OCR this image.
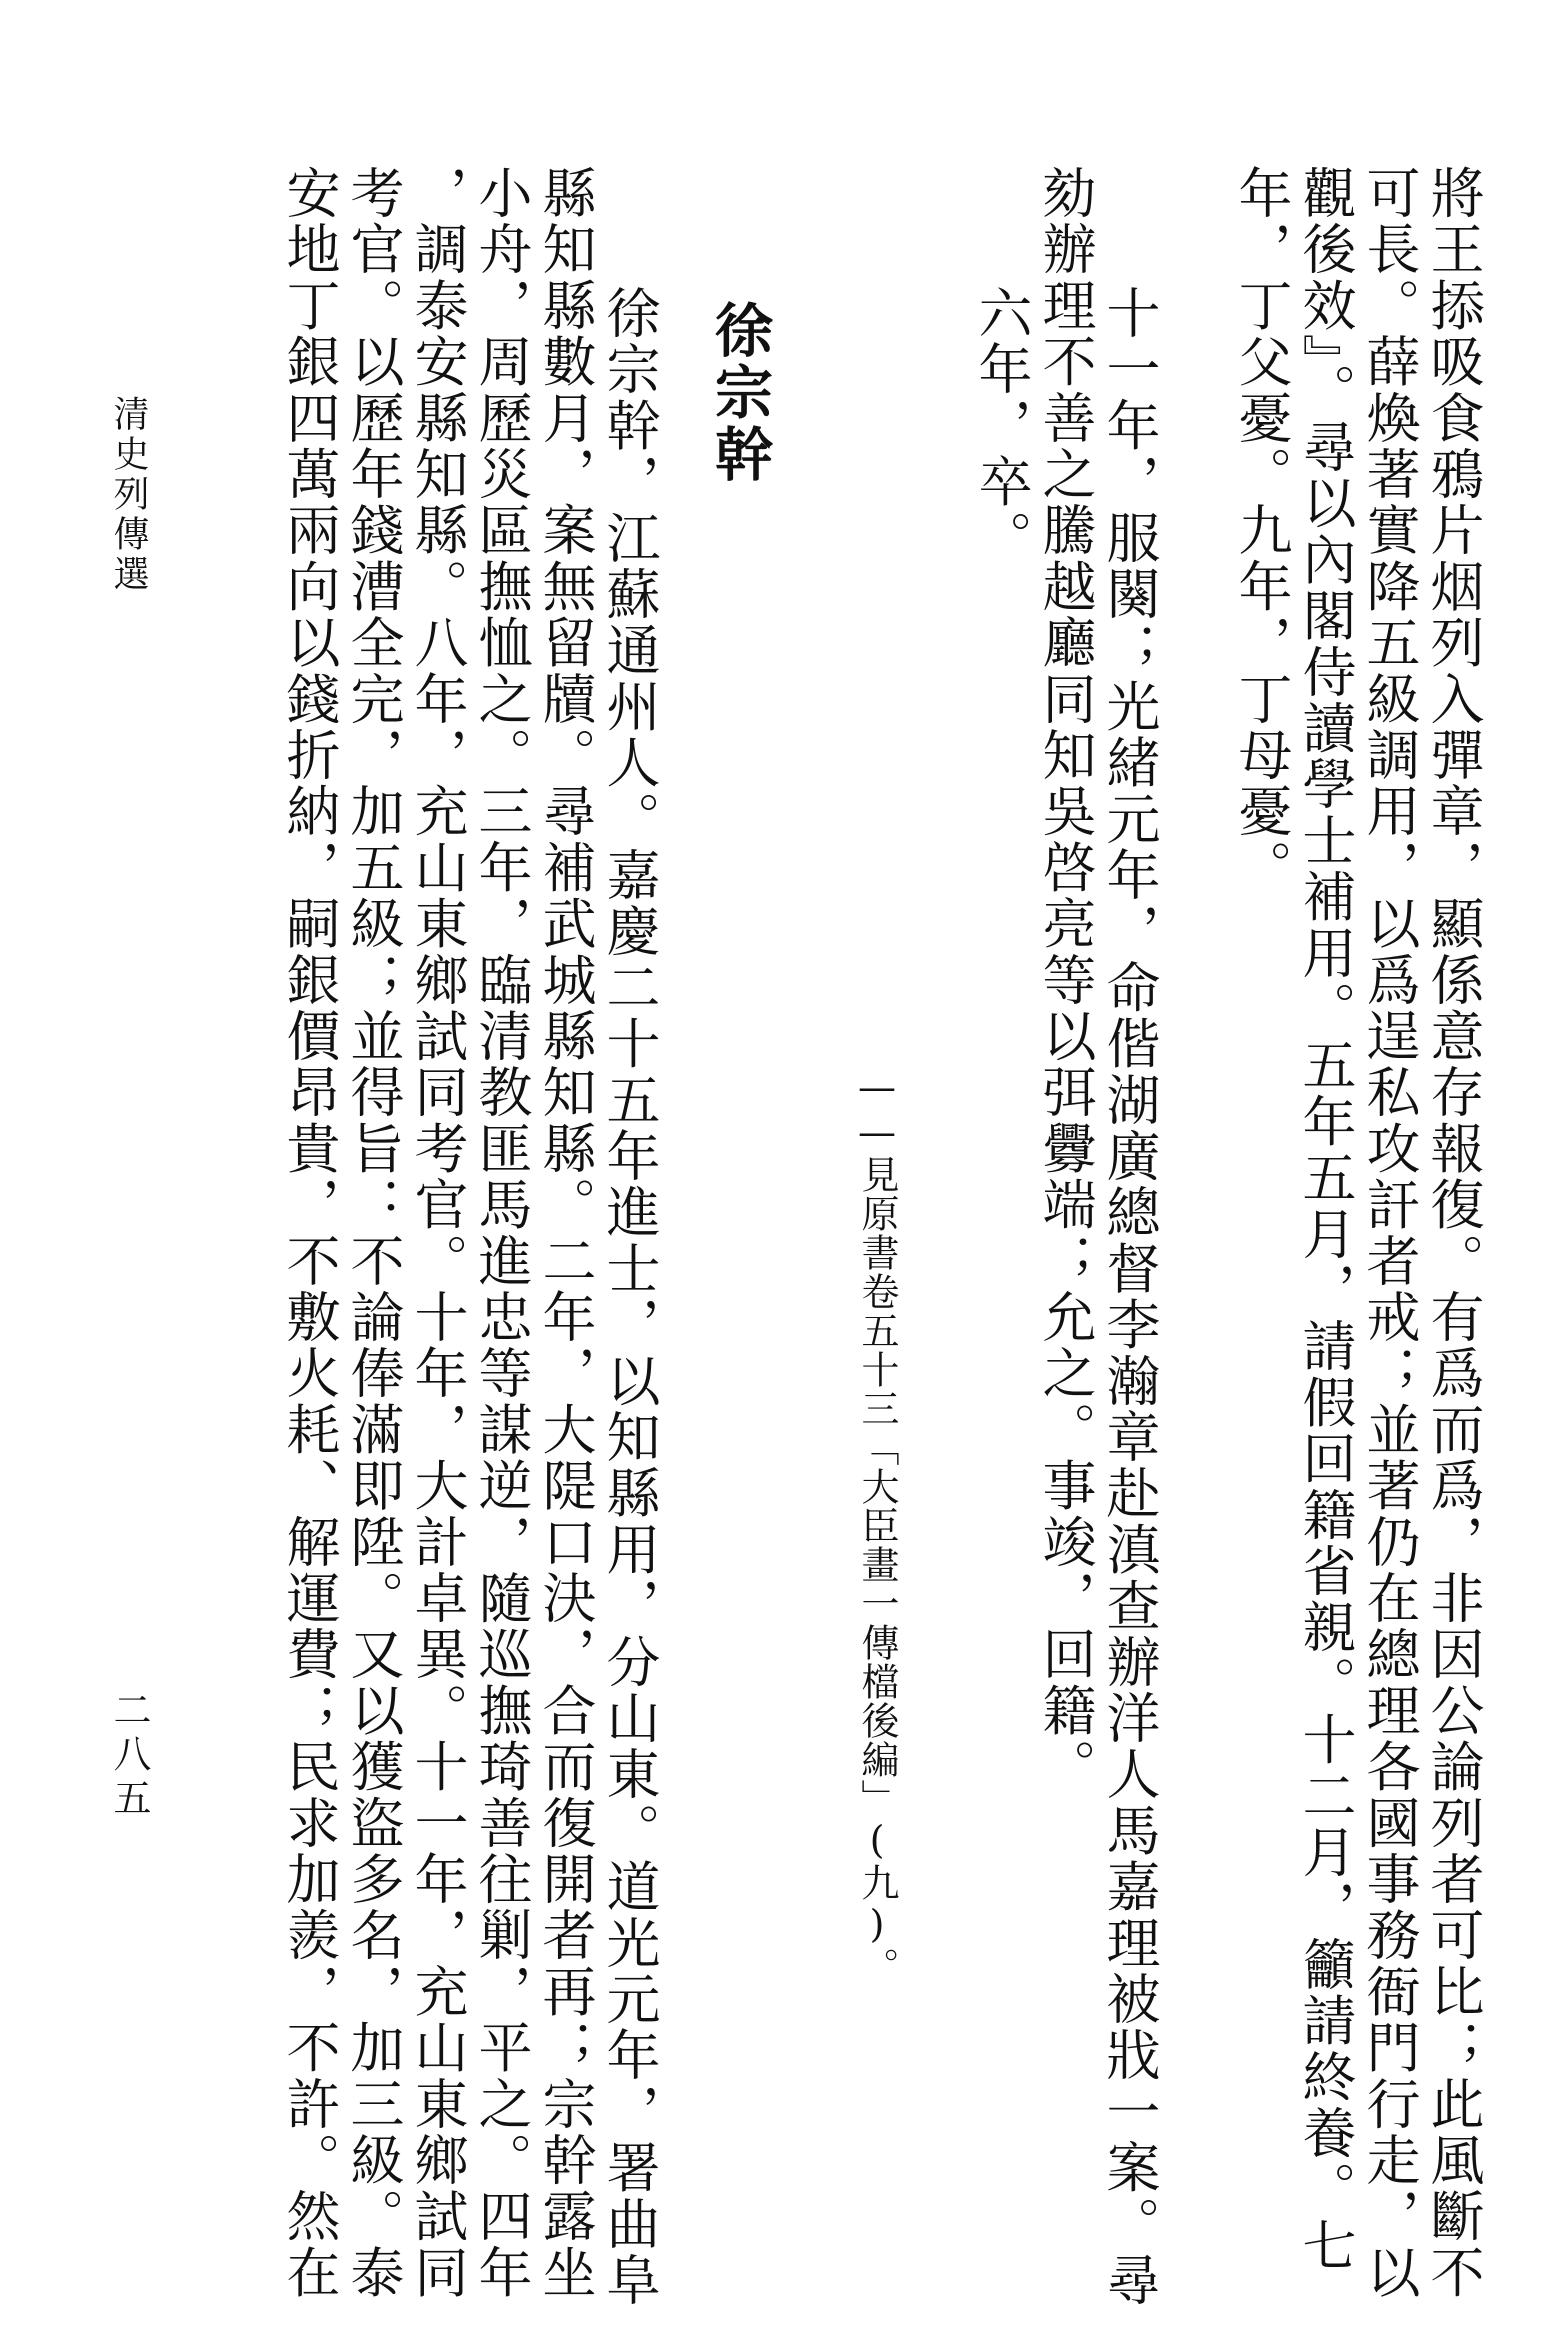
將王掭吸食鴉片烟列入彈章，顯係意存報復。有爲而爲，非因公論列者可比；此風斷不
可長。薛煥著實降五級調用，以爲逞私攻訐者戒；並著仍在總理各國事務衙門行走，以
觀後效』。尋以內閣侍讀學士補用。五年五月，請假回籍省親。十二月，籲請終養。七
年，丁父憂。九年，丁母憂。
十一年，服闋；光緒元年，命偕湖廣總督李瀚章赴滇查辦洋人馬嘉理被戕一案。尋
劾辦理不善之騰越廳同知吳啓亮等以弭釁端；允之。事竣，回籍。
六年，卒。
——見原書卷五十三「大臣畫一傳檔後編」(九)。
徐宗幹
徐宗幹，江蘇通州人。嘉慶二十五年進士，以知縣用，分山東。道光元年，署曲阜
縣知縣數月，案無留牘。尋補武城縣知縣。二年，大隄口決，合而復開者再；宗幹露坐
小舟，周歷災區撫恤之。三年，臨清教匪馬進忠等謀逆，隨巡撫琦善往剿，平之。四年
，調泰安縣知縣。八年，充山東鄉試同考官。十年，大計卓異。十一年，充山東鄉試同
考官。以歷年錢漕全完，加五級；並得旨：不論俸滿即陞。又以獲盜多名，加三級。泰
安地丁銀四萬兩向以錢折納，嗣銀價昂貴，不敷火耗、解運費；民求加羨，不許。然在
清史列傳選
二八五
